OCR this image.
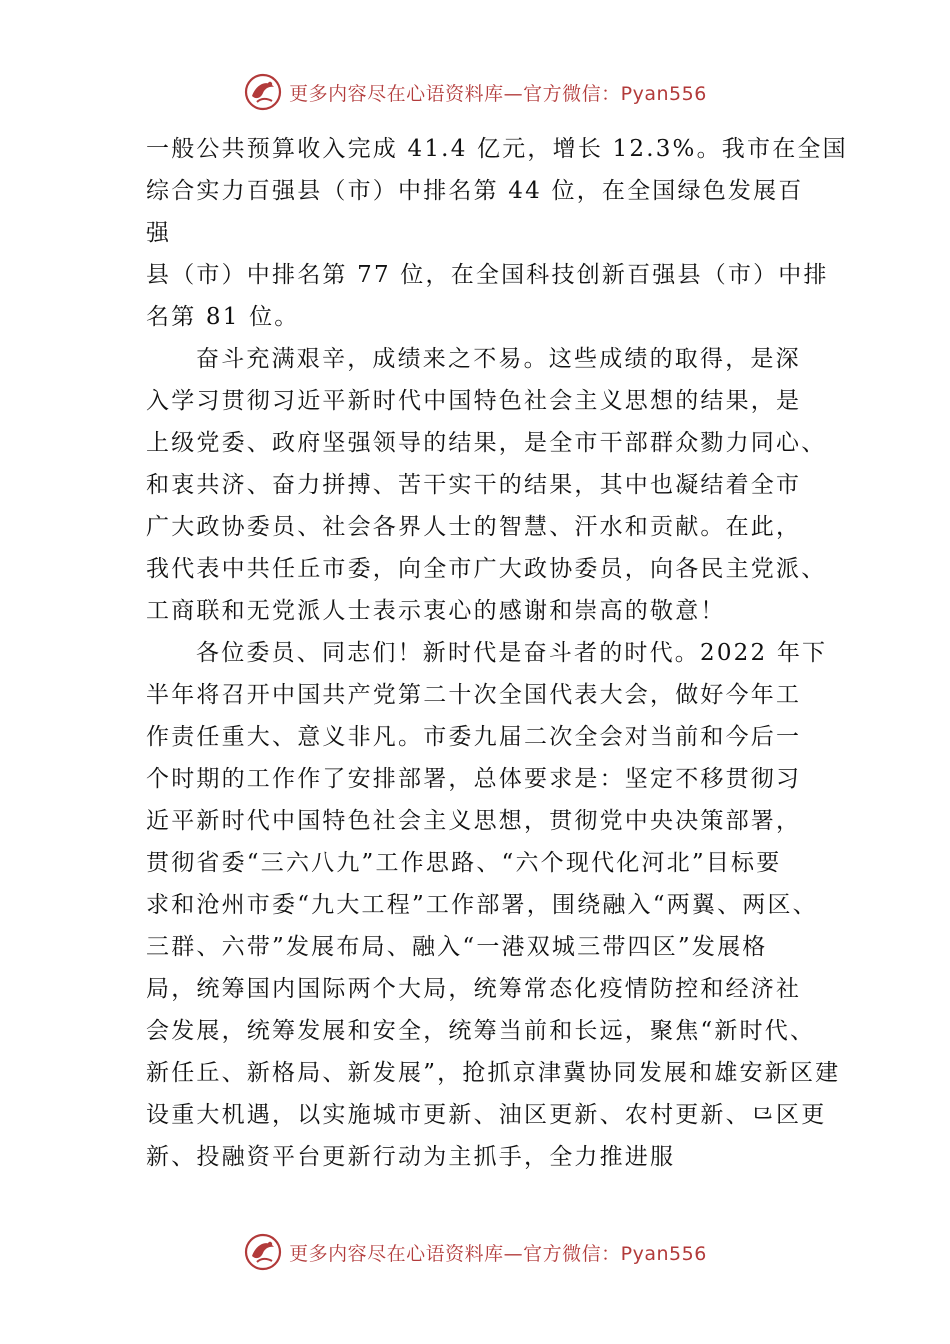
更多内容尽在心语资料库—官方微信：Pyan556
一般公共预算收入完成 41.4 亿元，增长 12.3%。我市在全国
综合实力百强县（市）中排名第 44 位，在全国绿色发展百
强
县（市）中排名第 77 位，在全国科技创新百强县（市）中排
名第 81 位。
奋斗充满艰辛，成绩来之不易。这些成绩的取得，是深
入学习贯彻习近平新时代中国特色社会主义思想的结果，是
上级党委、政府坚强领导的结果，是全市干部群众勠力同心、
和衷共济、奋力拼搏、苦干实干的结果，其中也凝结着全市
广大政协委员、社会各界人士的智慧、汗水和贡献。在此，
我代表中共任丘市委，向全市广大政协委员，向各民主党派、
工商联和无党派人士表示衷心的感谢和崇高的敬意！
各位委员、同志们！新时代是奋斗者的时代。2022 年下
半年将召开中国共产党第二十次全国代表大会，做好今年工
作责任重大、意义非凡。市委九届二次全会对当前和今后一
个时期的工作作了安排部署，总体要求是：坚定不移贯彻习
近平新时代中国特色社会主义思想，贯彻党中央决策部署，
贯彻省委“三六八九”工作思路、“六个现代化河北”目标要
求和沧州市委“九大工程”工作部署，围绕融入“两翼、两区、
三群、六带”发展布局、融入“一港双城三带四区”发展格
局，统筹国内国际两个大局，统筹常态化疫情防控和经济社
会发展，统筹发展和安全，统筹当前和长远，聚焦“新时代、
新任丘、新格局、新发展”，抢抓京津冀协同发展和雄安新区建
设重大机遇，以实施城市更新、油区更新、农村更新、⺋区更
新、投融资平台更新行动为主抓手，全力推进服
更多内容尽在心语资料库—官方微信：Pyan556
